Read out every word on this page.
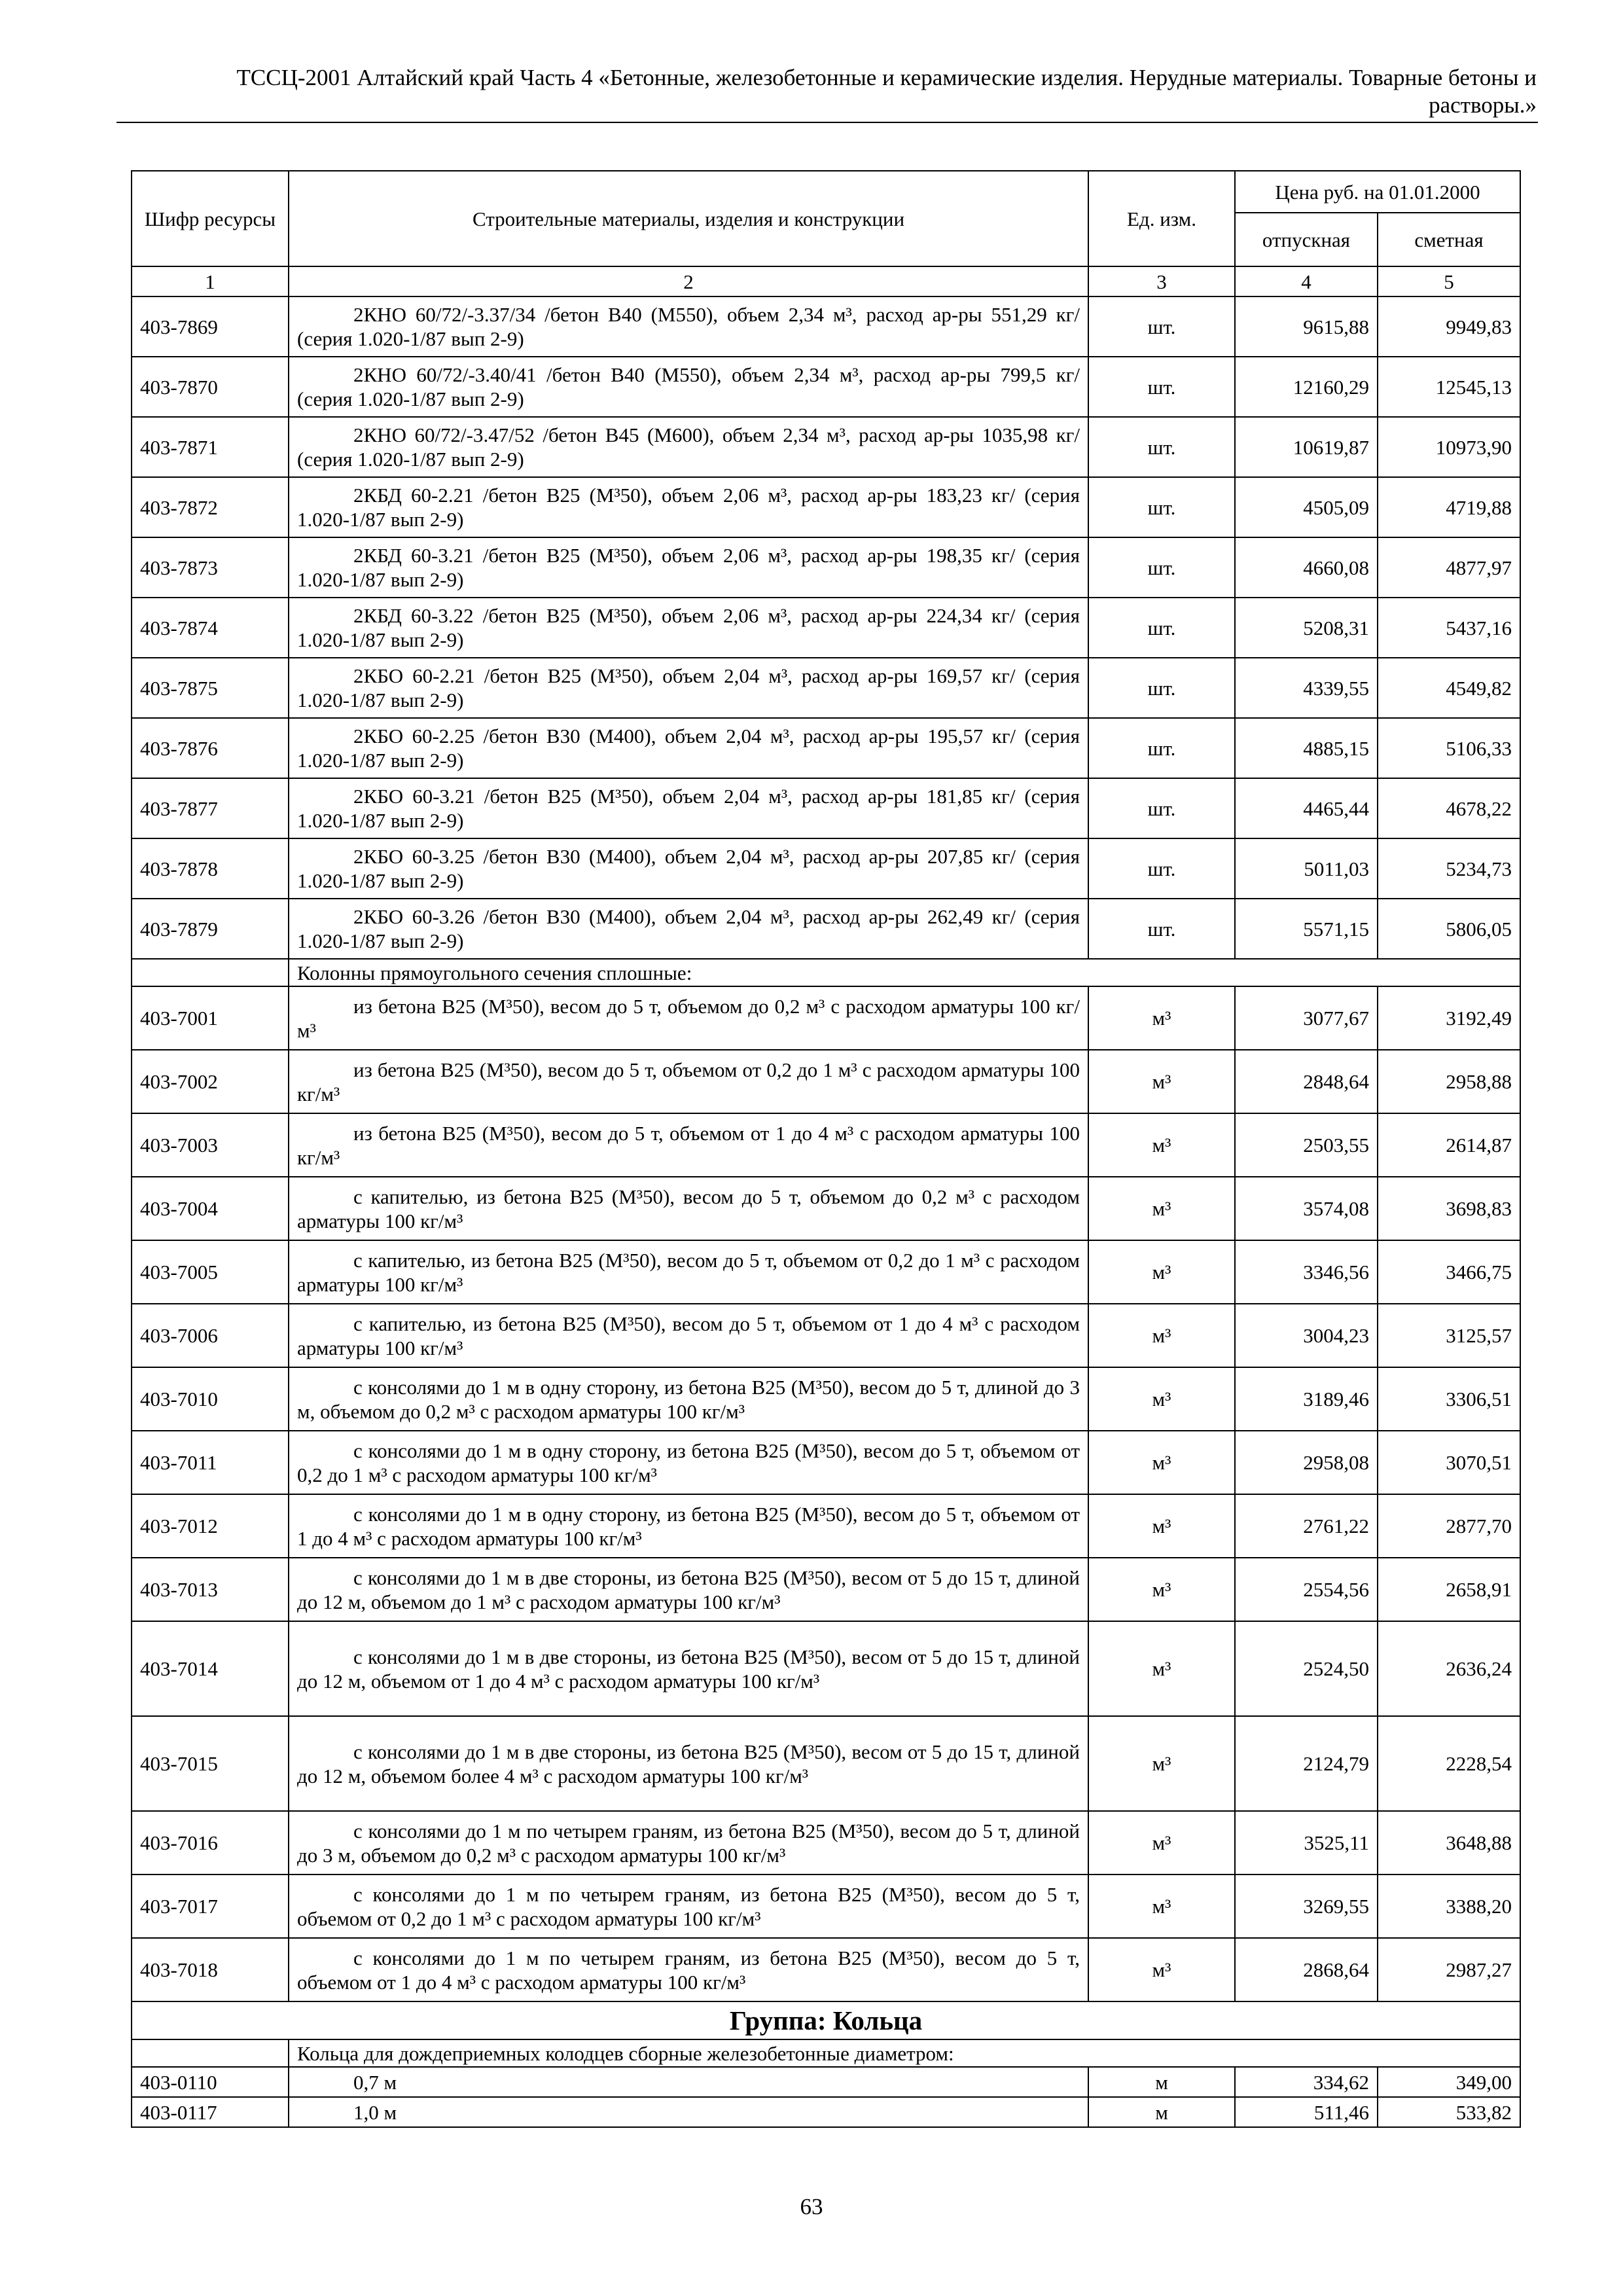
ТССЦ-2001 Алтайский край Часть 4 «Бетонные, железобетонные и керамические изделия. Нерудные материалы. Товарные бетоны и
растворы.»
Шифр ресурсы	Строительные материалы, изделия и конструкции	Ед. изм.	Цена руб. на 01.01.2000	
			отпускная	сметная
1	2	3	4	5
403-7869	2КНО 60/72/-3.37/34 /бетон В40 (М550), объем 2,34 м³, расход ар-ры 551,29 кг/ (серия 1.020-1/87 вып 2-9)	шт.	9615,88	9949,83
403-7870	2КНО 60/72/-3.40/41 /бетон В40 (М550), объем 2,34 м³, расход ар-ры 799,5 кг/ (серия 1.020-1/87 вып 2-9)	шт.	12160,29	12545,13
403-7871	2КНО 60/72/-3.47/52 /бетон В45 (М600), объем 2,34 м³, расход ар-ры 1035,98 кг/ (серия 1.020-1/87 вып 2-9)	шт.	10619,87	10973,90
403-7872	2КБД 60-2.21 /бетон В25 (М³50), объем 2,06 м³, расход ар-ры 183,23 кг/ (серия 1.020-1/87 вып 2-9)	шт.	4505,09	4719,88
403-7873	2КБД 60-3.21 /бетон В25 (М³50), объем 2,06 м³, расход ар-ры 198,35 кг/ (серия 1.020-1/87 вып 2-9)	шт.	4660,08	4877,97
403-7874	2КБД 60-3.22 /бетон В25 (М³50), объем 2,06 м³, расход ар-ры 224,34 кг/ (серия 1.020-1/87 вып 2-9)	шт.	5208,31	5437,16
403-7875	2КБО 60-2.21 /бетон В25 (М³50), объем 2,04 м³, расход ар-ры 169,57 кг/ (серия 1.020-1/87 вып 2-9)	шт.	4339,55	4549,82
403-7876	2КБО 60-2.25 /бетон В30 (М400), объем 2,04 м³, расход ар-ры 195,57 кг/ (серия 1.020-1/87 вып 2-9)	шт.	4885,15	5106,33
403-7877	2КБО 60-3.21 /бетон В25 (М³50), объем 2,04 м³, расход ар-ры 181,85 кг/ (серия 1.020-1/87 вып 2-9)	шт.	4465,44	4678,22
403-7878	2КБО 60-3.25 /бетон В30 (М400), объем 2,04 м³, расход ар-ры 207,85 кг/ (серия 1.020-1/87 вып 2-9)	шт.	5011,03	5234,73
403-7879	2КБО 60-3.26 /бетон В30 (М400), объем 2,04 м³, расход ар-ры 262,49 кг/ (серия 1.020-1/87 вып 2-9)	шт.	5571,15	5806,05
	Колонны прямоугольного сечения сплошные:			
403-7001	из бетона В25 (М³50), весом до 5 т, объемом до 0,2 м³ с расходом арматуры 100 кг/м³	м³	3077,67	3192,49
403-7002	из бетона В25 (М³50), весом до 5 т, объемом от 0,2 до 1 м³ с расходом арматуры 100 кг/м³	м³	2848,64	2958,88
403-7003	из бетона В25 (М³50), весом до 5 т, объемом от 1 до 4 м³ с расходом арматуры 100 кг/м³	м³	2503,55	2614,87
403-7004	с капителью, из бетона В25 (М³50), весом до 5 т, объемом до 0,2 м³ с расходом арматуры 100 кг/м³	м³	3574,08	3698,83
403-7005	с капителью, из бетона В25 (М³50), весом до 5 т, объемом от 0,2 до 1 м³ с расходом арматуры 100 кг/м³	м³	3346,56	3466,75
403-7006	с капителью, из бетона В25 (М³50), весом до 5 т, объемом от 1 до 4 м³ с расходом арматуры 100 кг/м³	м³	3004,23	3125,57
403-7010	с консолями до 1 м в одну сторону, из бетона В25 (М³50), весом до 5 т, длиной до 3 м, объемом до 0,2 м³ с расходом арматуры 100 кг/м³	м³	3189,46	3306,51
403-7011	с консолями до 1 м в одну сторону, из бетона В25 (М³50), весом до 5 т, объемом от 0,2 до 1 м³ с расходом арматуры 100 кг/м³	м³	2958,08	3070,51
403-7012	с консолями до 1 м в одну сторону, из бетона В25 (М³50), весом до 5 т, объемом от 1 до 4 м³ с расходом арматуры 100 кг/м³	м³	2761,22	2877,70
403-7013	с консолями до 1 м в две стороны, из бетона В25 (М³50), весом от 5 до 15 т, длиной до 12 м, объемом до 1 м³ с расходом арматуры 100 кг/м³	м³	2554,56	2658,91
403-7014	с консолями до 1 м в две стороны, из бетона В25 (М³50), весом от 5 до 15 т, длиной до 12 м, объемом от 1 до 4 м³ с расходом арматуры 100 кг/м³	м³	2524,50	2636,24
403-7015	с консолями до 1 м в две стороны, из бетона В25 (М³50), весом от 5 до 15 т, длиной до 12 м, объемом более 4 м³ с расходом арматуры 100 кг/м³	м³	2124,79	2228,54
403-7016	с консолями до 1 м по четырем граням, из бетона В25 (М³50), весом до 5 т, длиной до 3 м, объемом до 0,2 м³ с расходом арматуры 100 кг/м³	м³	3525,11	3648,88
403-7017	с консолями до 1 м по четырем граням, из бетона В25 (М³50), весом до 5 т, объемом от 0,2 до 1 м³ с расходом арматуры 100 кг/м³	м³	3269,55	3388,20
403-7018	с консолями до 1 м по четырем граням, из бетона В25 (М³50), весом до 5 т, объемом от 1 до 4 м³ с расходом арматуры 100 кг/м³	м³	2868,64	2987,27
Группа: Кольца				
	Кольца для дождеприемных колодцев сборные железобетонные диаметром:			
403-0110	0,7 м	м	334,62	349,00
403-0117	1,0 м	м	511,46	533,82
63
